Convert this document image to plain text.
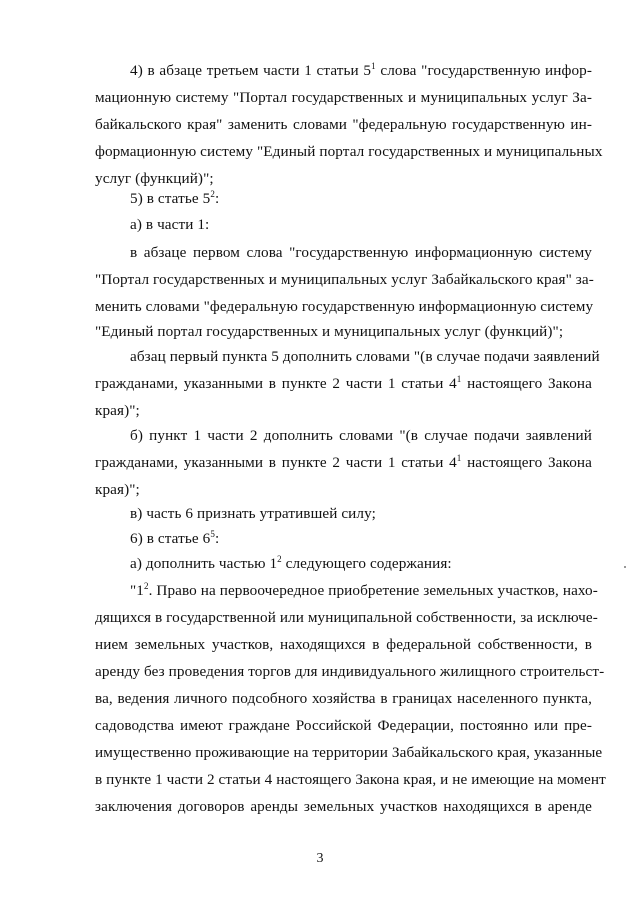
4) в абзаце третьем части 1 статьи $5^1$ слова "государственную инфор-
мационную систему "Портал государственных и муниципальных услуг За-
байкальского края" заменить словами "федеральную государственную ин-
формационную систему "Единый портал государственных и муниципальных
услуг (функций)";
5) в статье $5^2$:
а) в части 1:
в абзаце первом слова "государственную информационную систему
"Портал государственных и муниципальных услуг Забайкальского края" за-
менить словами "федеральную государственную информационную систему
"Единый портал государственных и муниципальных услуг (функций)";
абзац первый пункта 5 дополнить словами "(в случае подачи заявлений
гражданами, указанными в пункте 2 части 1 статьи $4^1$ настоящего Закона
края)";
б) пункт 1 части 2 дополнить словами "(в случае подачи заявлений
гражданами, указанными в пункте 2 части 1 статьи $4^1$ настоящего Закона
края)";
в) часть 6 признать утратившей силу;
6) в статье $6^5$:
а) дополнить частью $1^2$ следующего содержания:
"$1^2$. Право на первоочередное приобретение земельных участков, нахо-
дящихся в государственной или муниципальной собственности, за исключе-
нием земельных участков, находящихся в федеральной собственности, в
аренду без проведения торгов для индивидуального жилищного строительст-
ва, ведения личного подсобного хозяйства в границах населенного пункта,
садоводства имеют граждане Российской Федерации, постоянно или пре-
имущественно проживающие на территории Забайкальского края, указанные
в пункте 1 части 2 статьи 4 настоящего Закона края, и не имеющие на момент
заключения договоров аренды земельных участков находящихся в аренде
3
